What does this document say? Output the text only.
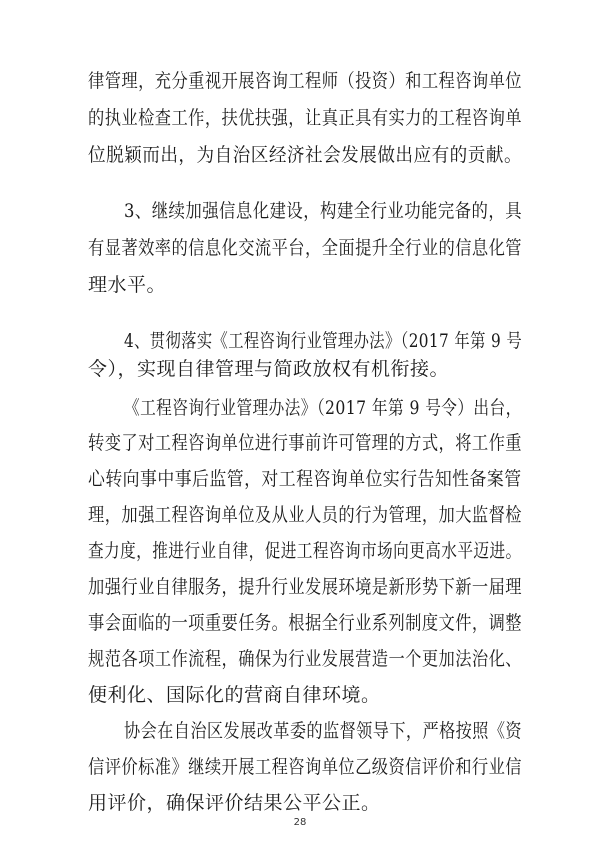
律管理，充分重视开展咨询工程师（投资）和工程咨询单位
的执业检查工作，扶优扶强，让真正具有实力的工程咨询单
位脱颖而出，为自治区经济社会发展做出应有的贡献。
3、继续加强信息化建设，构建全行业功能完备的，具
有显著效率的信息化交流平台，全面提升全行业的信息化管
理水平。
4、贯彻落实《工程咨询行业管理办法》（2017 年第 9 号
令），实现自律管理与简政放权有机衔接。
《工程咨询行业管理办法》（2017 年第 9 号令）出台，
转变了对工程咨询单位进行事前许可管理的方式，将工作重
心转向事中事后监管，对工程咨询单位实行告知性备案管
理，加强工程咨询单位及从业人员的行为管理，加大监督检
查力度，推进行业自律，促进工程咨询市场向更高水平迈进。
加强行业自律服务，提升行业发展环境是新形势下新一届理
事会面临的一项重要任务。根据全行业系列制度文件，调整
规范各项工作流程，确保为行业发展营造一个更加法治化、
便利化、国际化的营商自律环境。
协会在自治区发展改革委的监督领导下，严格按照《资
信评价标准》继续开展工程咨询单位乙级资信评价和行业信
用评价，确保评价结果公平公正。
28
